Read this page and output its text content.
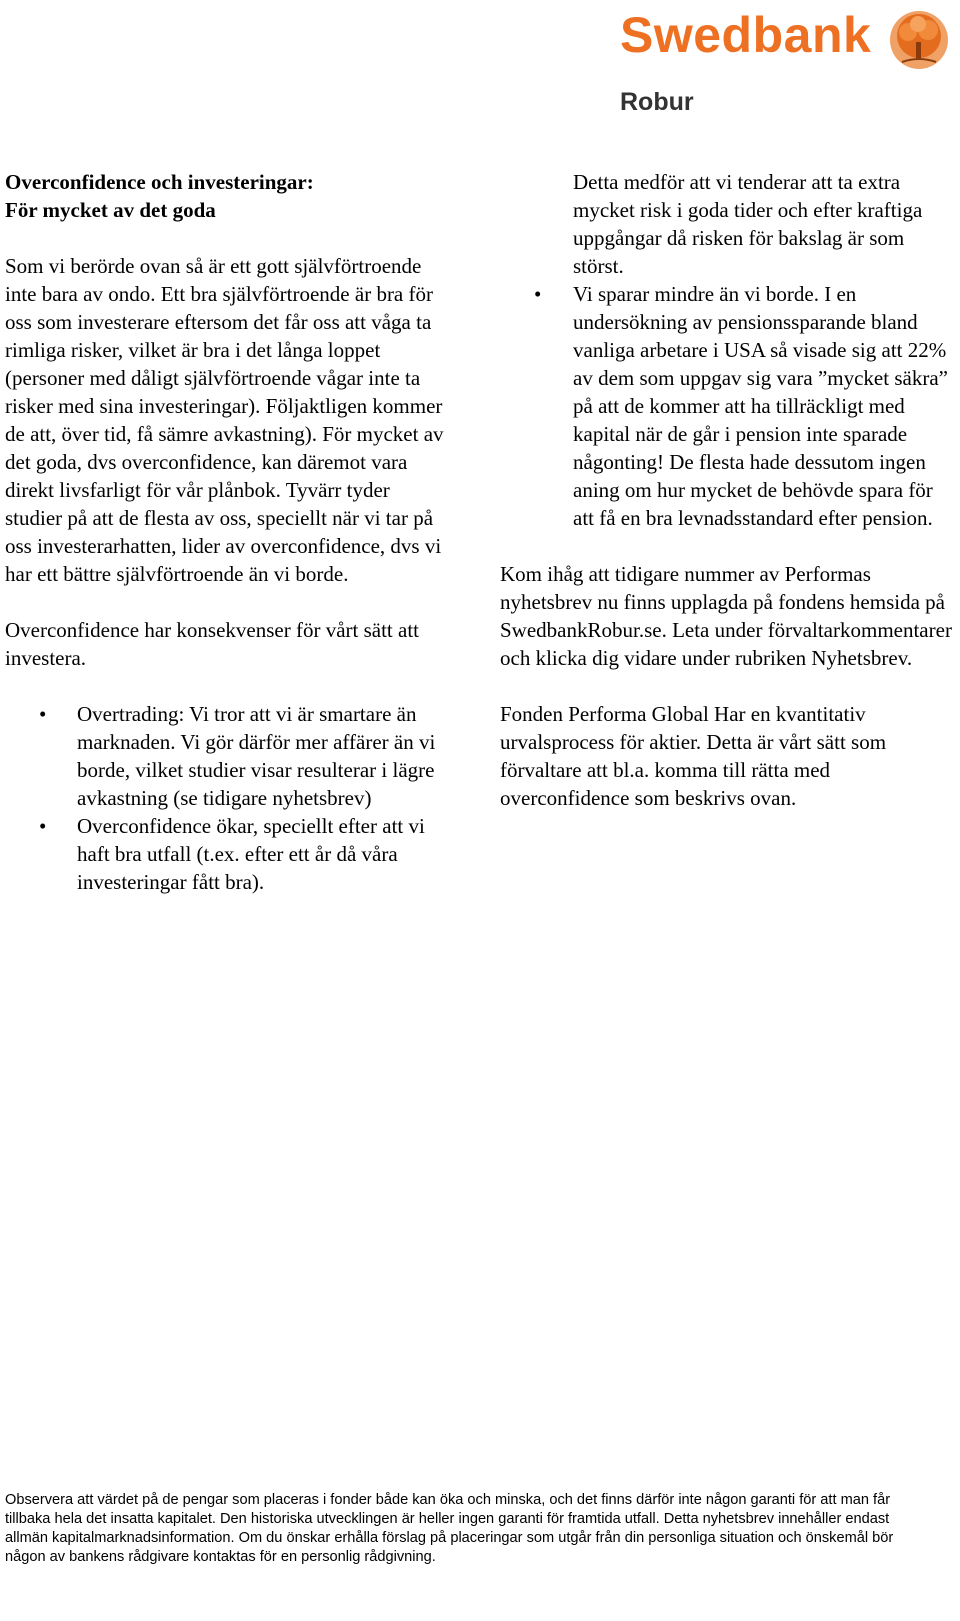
Swedbank
Robur
Overconfidence och investeringar:
För mycket av det goda

Som vi berörde ovan så är ett gott självförtroende inte bara av ondo. Ett bra självförtroende är bra för oss som investerare eftersom det får oss att våga ta rimliga risker, vilket är bra i det långa loppet (personer med dåligt självförtroende vågar inte ta risker med sina investeringar). Följaktligen kommer de att, över tid, få sämre avkastning). För mycket av det goda, dvs overconfidence, kan däremot vara direkt livsfarligt för vår plånbok. Tyvärr tyder studier på att de flesta av oss, speciellt när vi tar på oss investerarhatten, lider av overconfidence, dvs vi har ett bättre självförtroende än vi borde.

Overconfidence har konsekvenser för vårt sätt att investera.

• Overtrading: Vi tror att vi är smartare än marknaden. Vi gör därför mer affärer än vi borde, vilket studier visar resulterar i lägre avkastning (se tidigare nyhetsbrev)
• Overconfidence ökar, speciellt efter att vi haft bra utfall (t.ex. efter ett år då våra investeringar fått bra).
Detta medför att vi tenderar att ta extra mycket risk i goda tider och efter kraftiga uppgångar då risken för bakslag är som störst.
• Vi sparar mindre än vi borde. I en undersökning av pensionssparande bland vanliga arbetare i USA så visade sig att 22% av dem som uppgav sig vara ”mycket säkra” på att de kommer att ha tillräckligt med kapital när de går i pension inte sparade någonting! De flesta hade dessutom ingen aning om hur mycket de behövde spara för att få en bra levnadsstandard efter pension.

Kom ihåg att tidigare nummer av Performas nyhetsbrev nu finns upplagda på fondens hemsida på SwedbankRobur.se. Leta under förvaltarkommentarer och klicka dig vidare under rubriken Nyhetsbrev.

Fonden Performa Global Har en kvantitativ urvalsprocess för aktier. Detta är vårt sätt som förvaltare att bl.a. komma till rätta med overconfidence som beskrivs ovan.

Observera att värdet på de pengar som placeras i fonder både kan öka och minska, och det finns därför inte någon garanti för att man får tillbaka hela det insatta kapitalet. Den historiska utvecklingen är heller ingen garanti för framtida utfall. Detta nyhetsbrev innehåller endast allmän kapitalmarknadsinformation. Om du önskar erhålla förslag på placeringar som utgår från din personliga situation och önskemål bör någon av bankens rådgivare kontaktas för en personlig rådgivning.
